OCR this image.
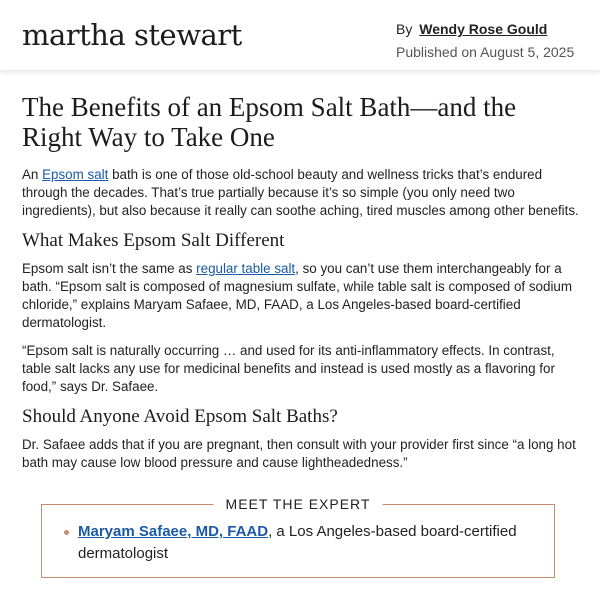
martha stewart	By Wendy Rose Gould
Published on August 5, 2025
The Benefits of an Epsom Salt Bath—and the Right Way to Take One

An Epsom salt bath is one of those old-school beauty and wellness tricks that’s endured through the decades. That’s true partially because it’s so simple (you only need two ingredients), but also because it really can soothe aching, tired muscles among other benefits.

What Makes Epsom Salt Different

Epsom salt isn’t the same as regular table salt, so you can’t use them interchangeably for a bath. “Epsom salt is composed of magnesium sulfate, while table salt is composed of sodium chloride,” explains Maryam Safaee, MD, FAAD, a Los Angeles-based board-certified dermatologist.

“Epsom salt is naturally occurring … and used for its anti-inflammatory effects. In contrast, table salt lacks any use for medicinal benefits and instead is used mostly as a flavoring for food,” says Dr. Safaee.

Should Anyone Avoid Epsom Salt Baths?

Dr. Safaee adds that if you are pregnant, then consult with your provider first since “a long hot bath may cause low blood pressure and cause lightheadedness.”

MEET THE EXPERT
Maryam Safaee, MD, FAAD, a Los Angeles-based board-certified dermatologist
